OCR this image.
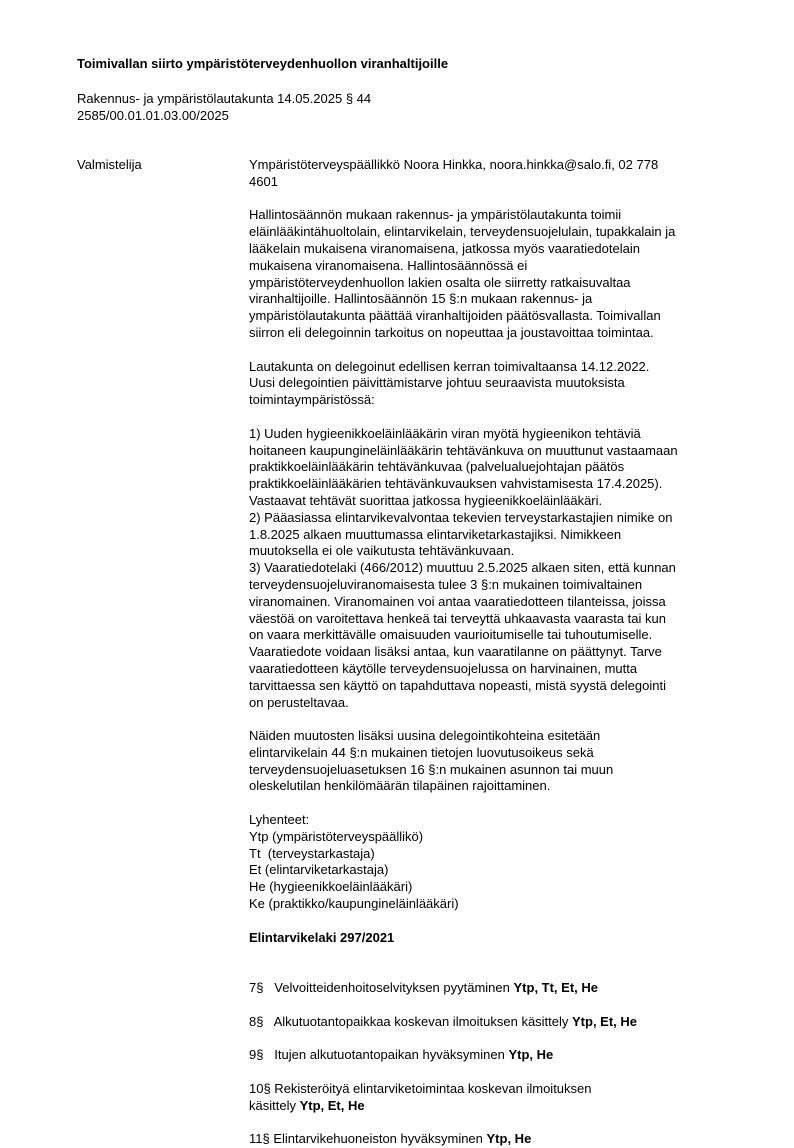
Toimivallan siirto ympäristöterveydenhuollon viranhaltijoille
Rakennus- ja ympäristölautakunta 14.05.2025 § 44
2585/00.01.01.03.00/2025
Valmistelija	Ympäristöterveyspäällikkö Noora Hinkka, noora.hinkka@salo.fi, 02 778
4601

Hallintosäännön mukaan rakennus- ja ympäristölautakunta toimii
eläinlääkintähuoltolain, elintarvikelain, terveydensuojelulain, tupakkalain ja
lääkelain mukaisena viranomaisena, jatkossa myös vaaratiedotelain
mukaisena viranomaisena. Hallintosäännössä ei
ympäristöterveydenhuollon lakien osalta ole siirretty ratkaisuvaltaa
viranhaltijoille. Hallintosäännön 15 §:n mukaan rakennus- ja
ympäristölautakunta päättää viranhaltijoiden päätösvallasta. Toimivallan
siirron eli delegoinnin tarkoitus on nopeuttaa ja joustavoittaa toimintaa.

Lautakunta on delegoinut edellisen kerran toimivaltaansa 14.12.2022.
Uusi delegointien päivittämistarve johtuu seuraavista muutoksista
toimintaympäristössä:

1) Uuden hygieenikkoeläinlääkärin viran myötä hygieenikon tehtäviä
hoitaneen kaupungineläinlääkärin tehtävänkuva on muuttunut vastaamaan
praktikkoeläinlääkärin tehtävänkuvaa (palvelualuejohtajan päätös
praktikkoeläinlääkärien tehtävänkuvauksen vahvistamisesta 17.4.2025).
Vastaavat tehtävät suorittaa jatkossa hygieenikkoeläinlääkäri.
2) Pääasiassa elintarvikevalvontaa tekevien terveystarkastajien nimike on
1.8.2025 alkaen muuttumassa elintarviketarkastajiksi. Nimikkeen
muutoksella ei ole vaikutusta tehtävänkuvaan.
3) Vaaratiedotelaki (466/2012) muuttuu 2.5.2025 alkaen siten, että kunnan
terveydensuojeluviranomaisesta tulee 3 §:n mukainen toimivaltainen
viranomainen. Viranomainen voi antaa vaaratiedotteen tilanteissa, joissa
väestöä on varoitettava henkeä tai terveyttä uhkaavasta vaarasta tai kun
on vaara merkittävälle omaisuuden vaurioitumiselle tai tuhoutumiselle.
Vaaratiedote voidaan lisäksi antaa, kun vaaratilanne on päättynyt. Tarve
vaaratiedotteen käytölle terveydensuojelussa on harvinainen, mutta
tarvittaessa sen käyttö on tapahduttava nopeasti, mistä syystä delegointi
on perusteltavaa.

Näiden muutosten lisäksi uusina delegointikohteina esitetään
elintarvikelain 44 §:n mukainen tietojen luovutusoikeus sekä
terveydensuojeluasetuksen 16 §:n mukainen asunnon tai muun
oleskelutilan henkilömäärän tilapäinen rajoittaminen.

Lyhenteet:
Ytp (ympäristöterveyspäällikö)
Tt  (terveystarkastaja)
Et (elintarviketarkastaja)
He (hygieenikkoeläinlääkäri)
Ke (praktikko/kaupungineläinlääkäri)
Elintarvikelaki 297/2021

7§   Velvoitteidenhoitoselvityksen pyytäminen Ytp, Tt, Et, He

8§   Alkutuotantopaikkaa koskevan ilmoituksen käsittely Ytp, Et, He

9§   Itujen alkutuotantopaikan hyväksyminen Ytp, He

10§ Rekisteröityä elintarviketoimintaa koskevan ilmoituksen
käsittely Ytp, Et, He

11§ Elintarvikehuoneiston hyväksyminen Ytp, He
